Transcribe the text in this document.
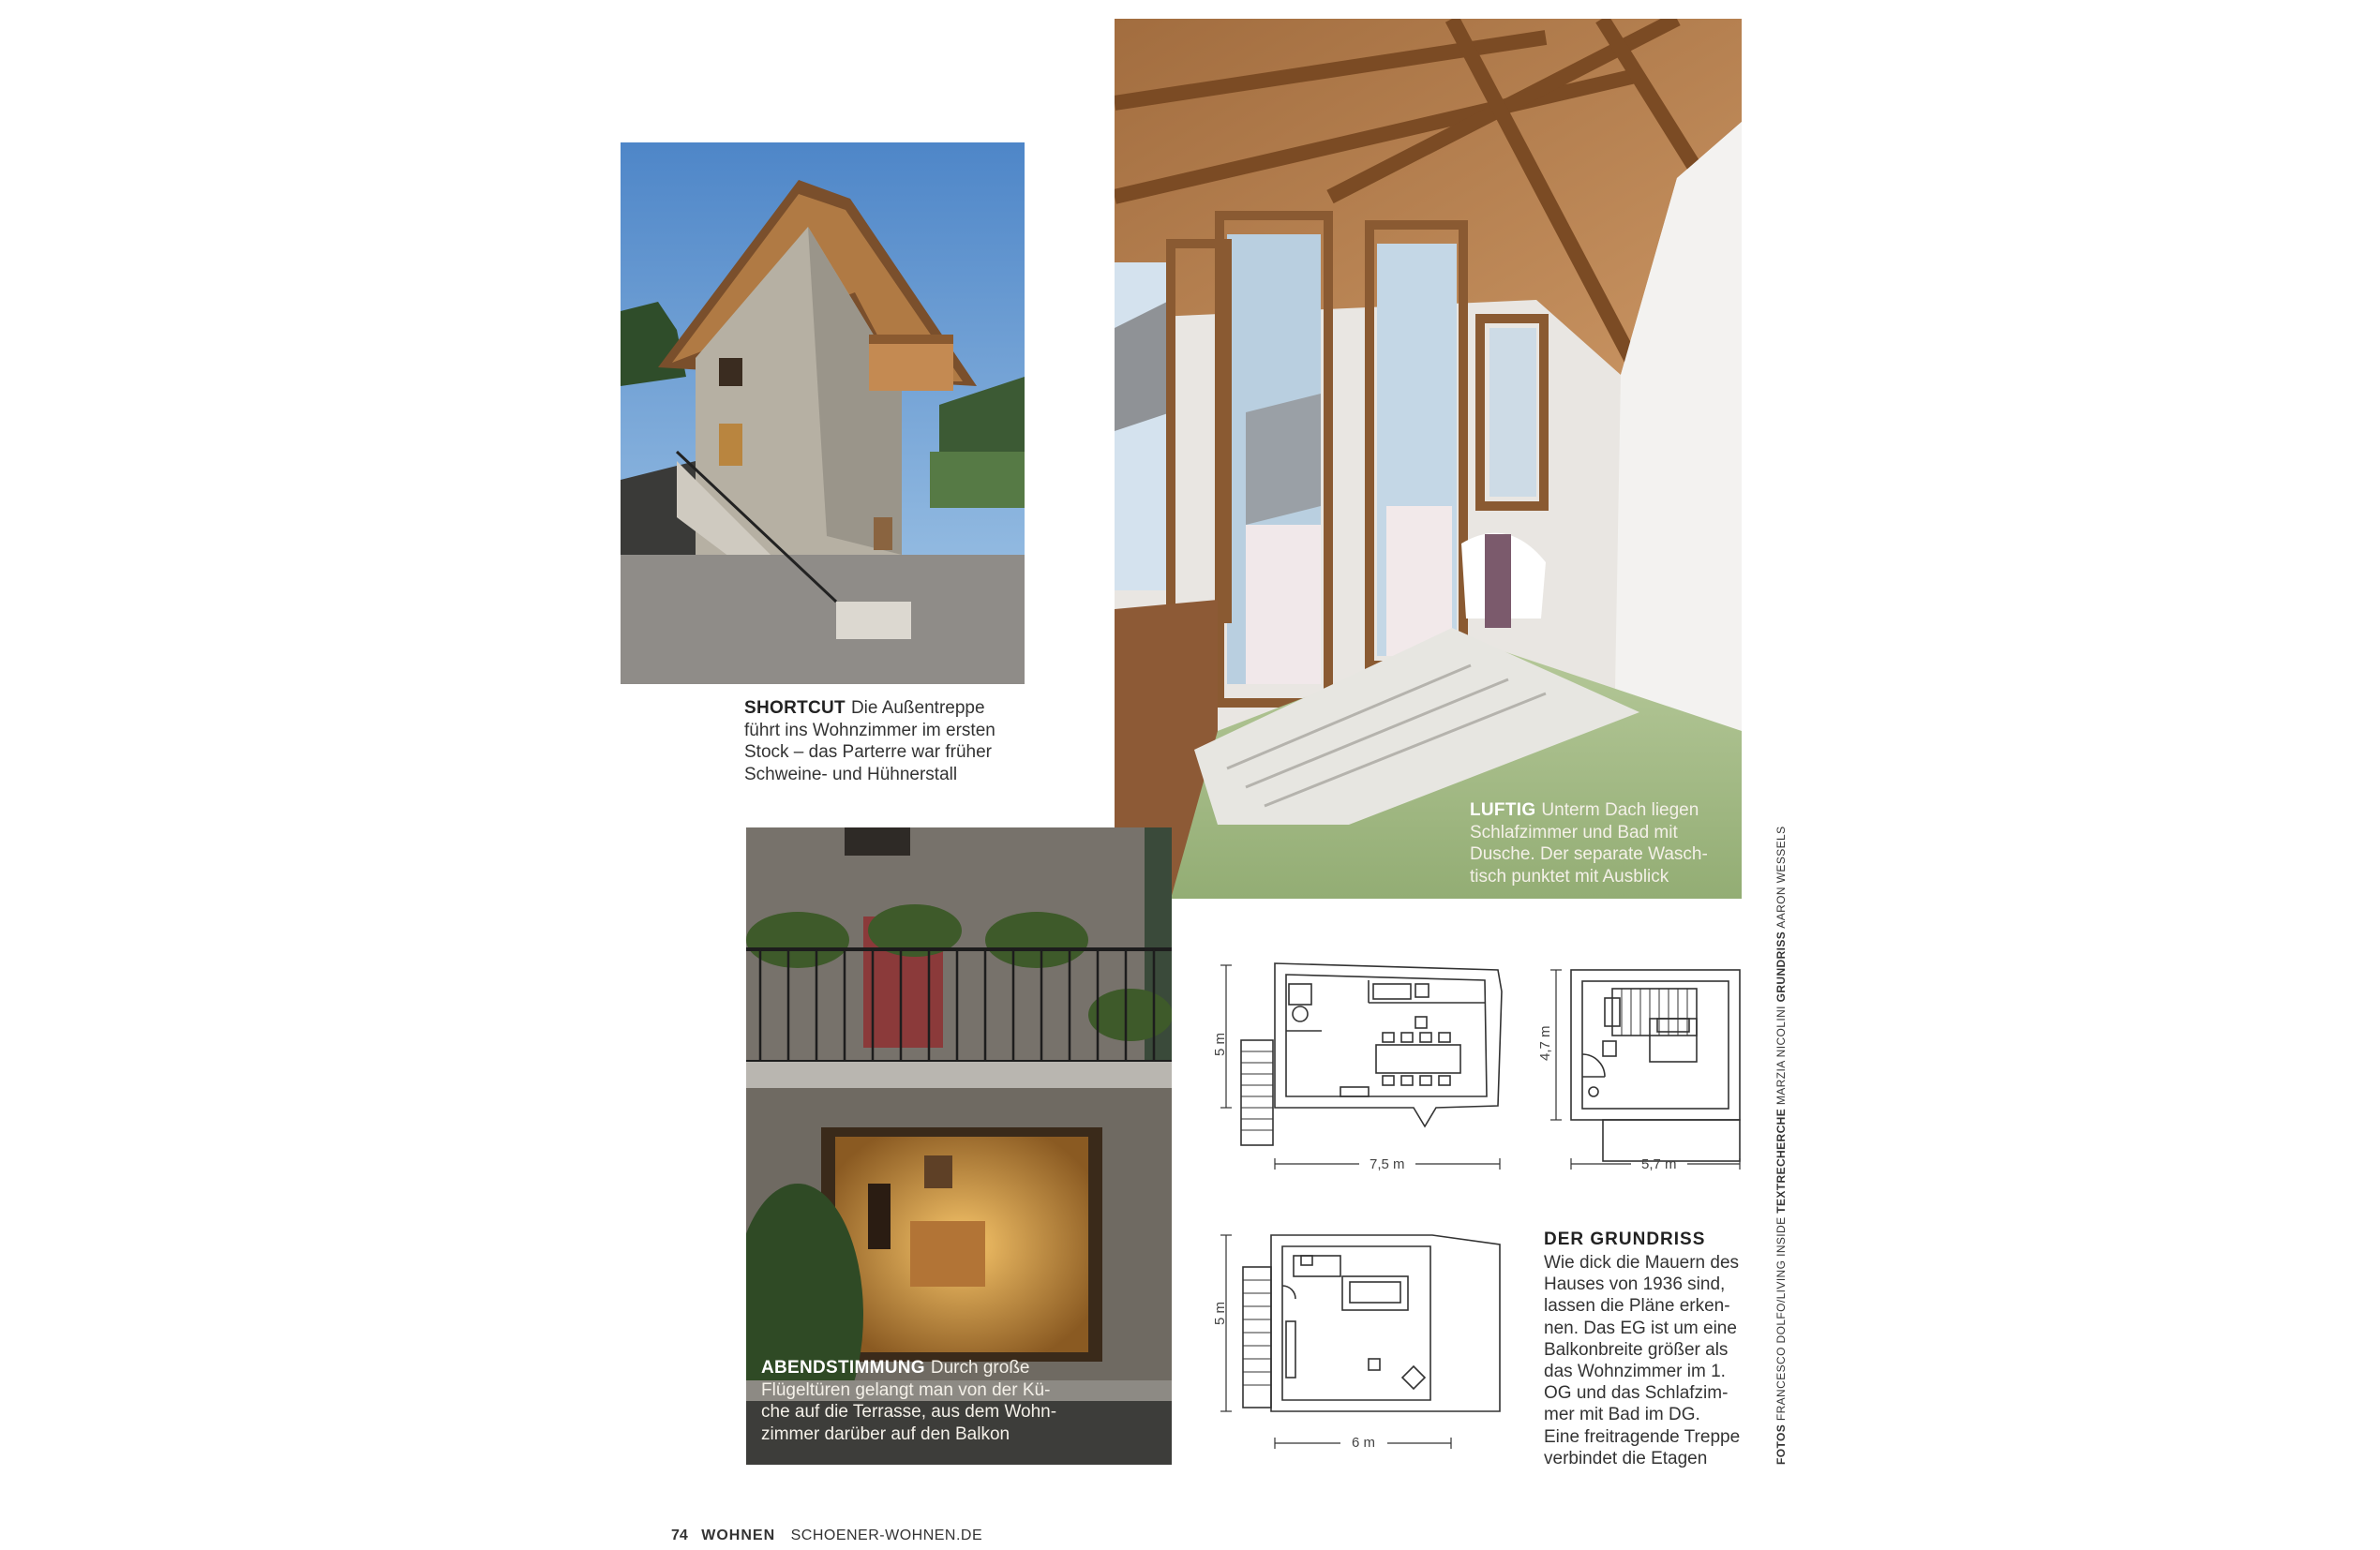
SHORTCUT Die Außentreppe
führt ins Wohnzimmer im ersten
Stock – das Parterre war früher
Schweine- und Hühnerstall
LUFTIG Unterm Dach liegen
Schlafzimmer und Bad mit
Dusche. Der separate Wasch-
tisch punktet mit Ausblick
ABENDSTIMMUNG Durch große
Flügeltüren gelangt man von der Kü-
che auf die Terrasse, aus dem Wohn-
zimmer darüber auf den Balkon
5 m
7,5 m
4,7 m
5,7 m
5 m
6 m
DER GRUNDRISS
Wie dick die Mauern des
Hauses von 1936 sind,
lassen die Pläne erken-
nen. Das EG ist um eine
Balkonbreite größer als
das Wohnzimmer im 1.
OG und das Schlafzim-
mer mit Bad im DG.
Eine freitragende Treppe
verbindet die Etagen	FOTOS FRANCESCO DOLFO/LIVING INSIDE TEXTRECHERCHE MARZIA NICOLINI GRUNDRISS AARON WESSELS
74 WOHNEN SCHOENER-WOHNEN.DE
